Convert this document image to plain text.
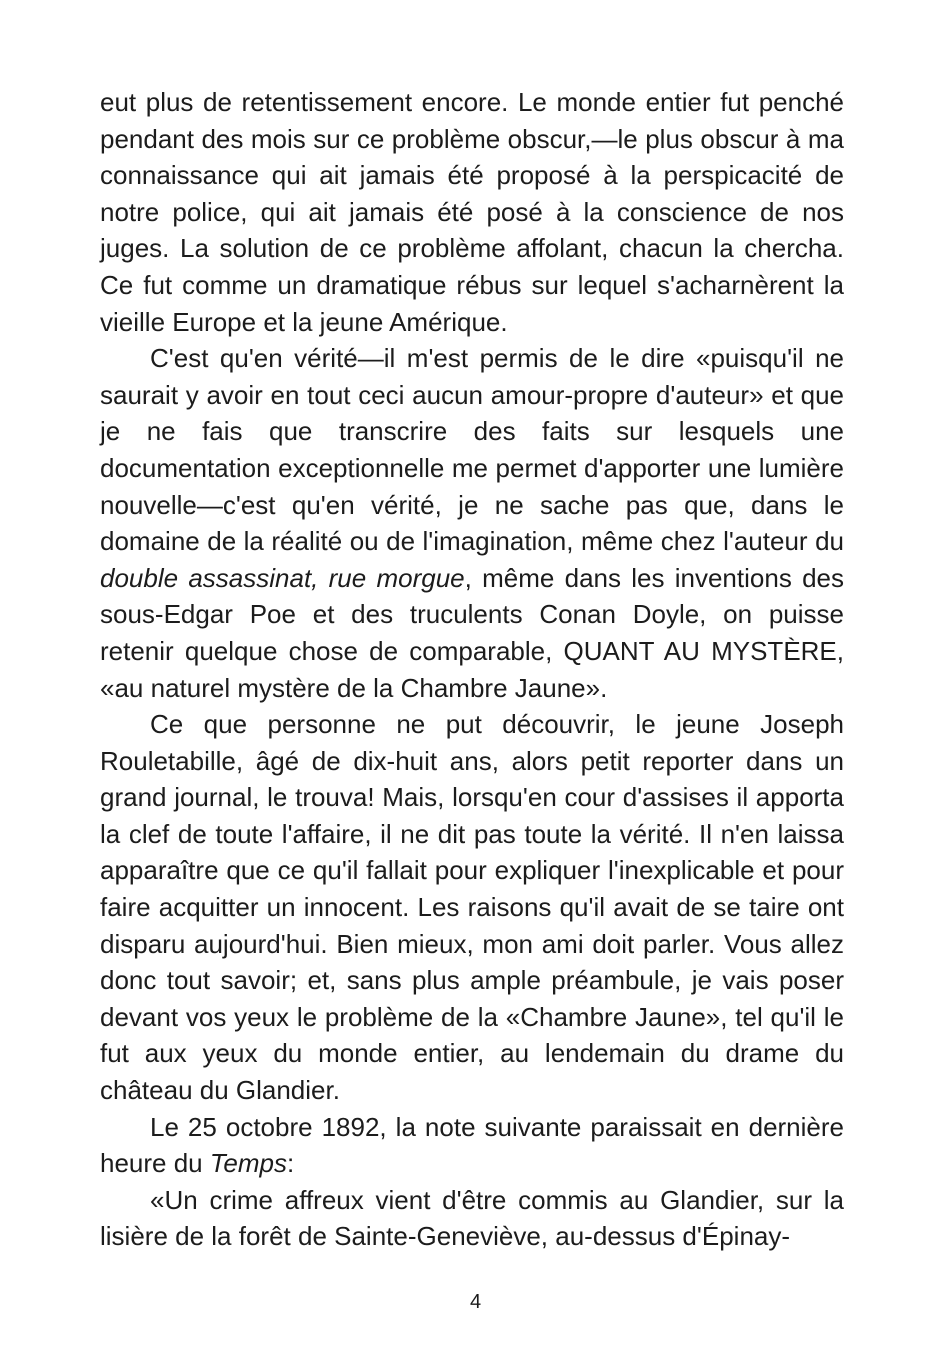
eut plus de retentissement encore. Le monde entier fut penché pendant des mois sur ce problème obscur,—le plus obscur à ma connaissance qui ait jamais été proposé à la perspicacité de notre police, qui ait jamais été posé à la conscience de nos juges. La solution de ce problème affolant, chacun la chercha. Ce fut comme un dramatique rébus sur lequel s'acharnèrent la vieille Europe et la jeune Amérique.

C'est qu'en vérité—il m'est permis de le dire «puisqu'il ne saurait y avoir en tout ceci aucun amour-propre d'auteur» et que je ne fais que transcrire des faits sur lesquels une documentation exceptionnelle me permet d'apporter une lumière nouvelle—c'est qu'en vérité, je ne sache pas que, dans le domaine de la réalité ou de l'imagination, même chez l'auteur du double assassinat, rue morgue, même dans les inventions des sous-Edgar Poe et des truculents Conan Doyle, on puisse retenir quelque chose de comparable, QUANT AU MYSTÈRE, «au naturel mystère de la Chambre Jaune».

Ce que personne ne put découvrir, le jeune Joseph Rouletabille, âgé de dix-huit ans, alors petit reporter dans un grand journal, le trouva! Mais, lorsqu'en cour d'assises il apporta la clef de toute l'affaire, il ne dit pas toute la vérité. Il n'en laissa apparaître que ce qu'il fallait pour expliquer l'inexplicable et pour faire acquitter un innocent. Les raisons qu'il avait de se taire ont disparu aujourd'hui. Bien mieux, mon ami doit parler. Vous allez donc tout savoir; et, sans plus ample préambule, je vais poser devant vos yeux le problème de la «Chambre Jaune», tel qu'il le fut aux yeux du monde entier, au lendemain du drame du château du Glandier.

Le 25 octobre 1892, la note suivante paraissait en dernière heure du Temps:

«Un crime affreux vient d'être commis au Glandier, sur la lisière de la forêt de Sainte-Geneviève, au-dessus d'Épinay-

4
